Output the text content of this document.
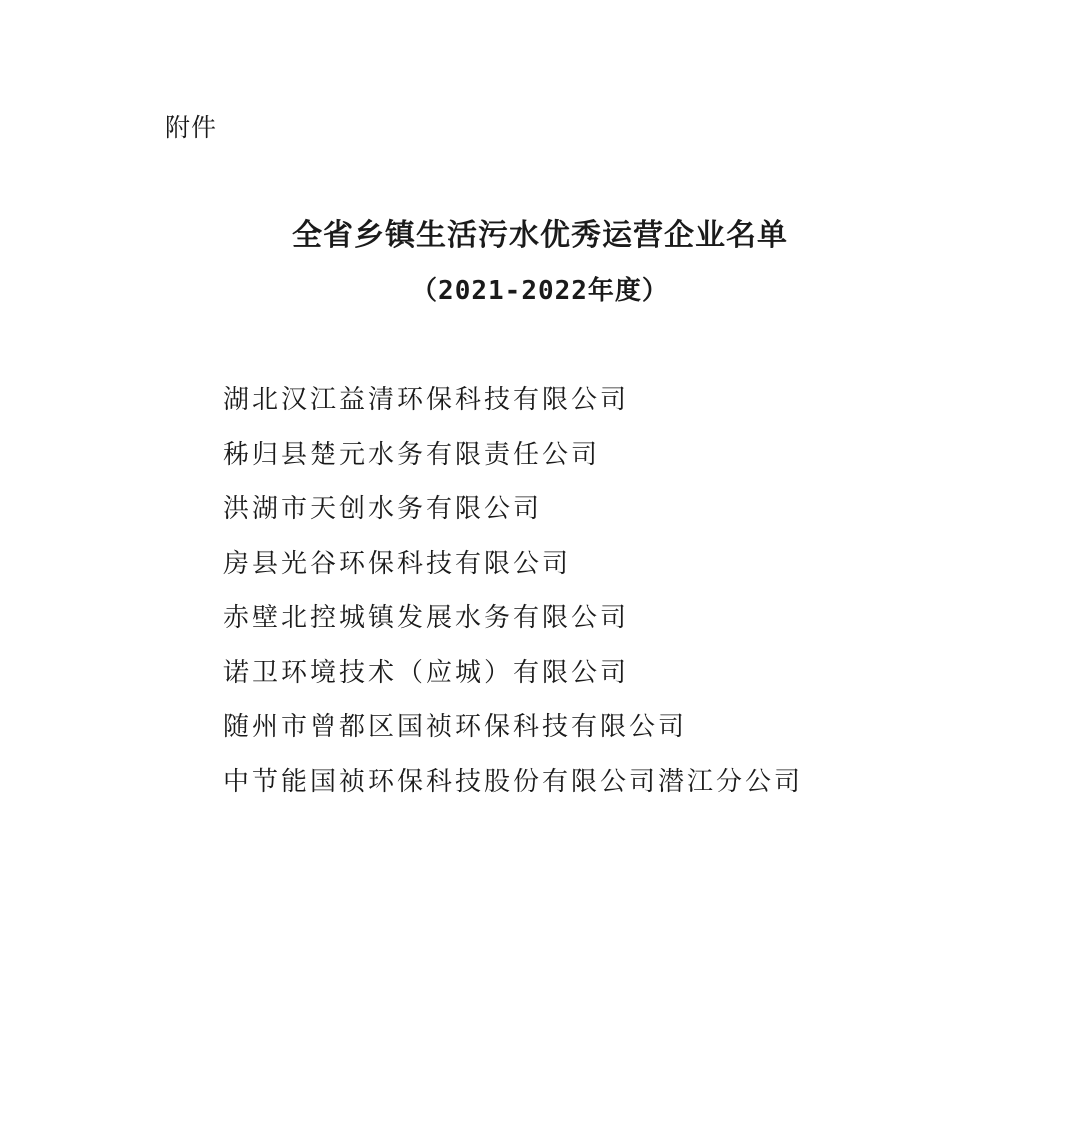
附件
全省乡镇生活污水优秀运营企业名单
（2021-2022年度）
湖北汉江益清环保科技有限公司
秭归县楚元水务有限责任公司
洪湖市天创水务有限公司
房县光谷环保科技有限公司
赤壁北控城镇发展水务有限公司
诺卫环境技术（应城）有限公司
随州市曾都区国祯环保科技有限公司
中节能国祯环保科技股份有限公司潜江分公司
